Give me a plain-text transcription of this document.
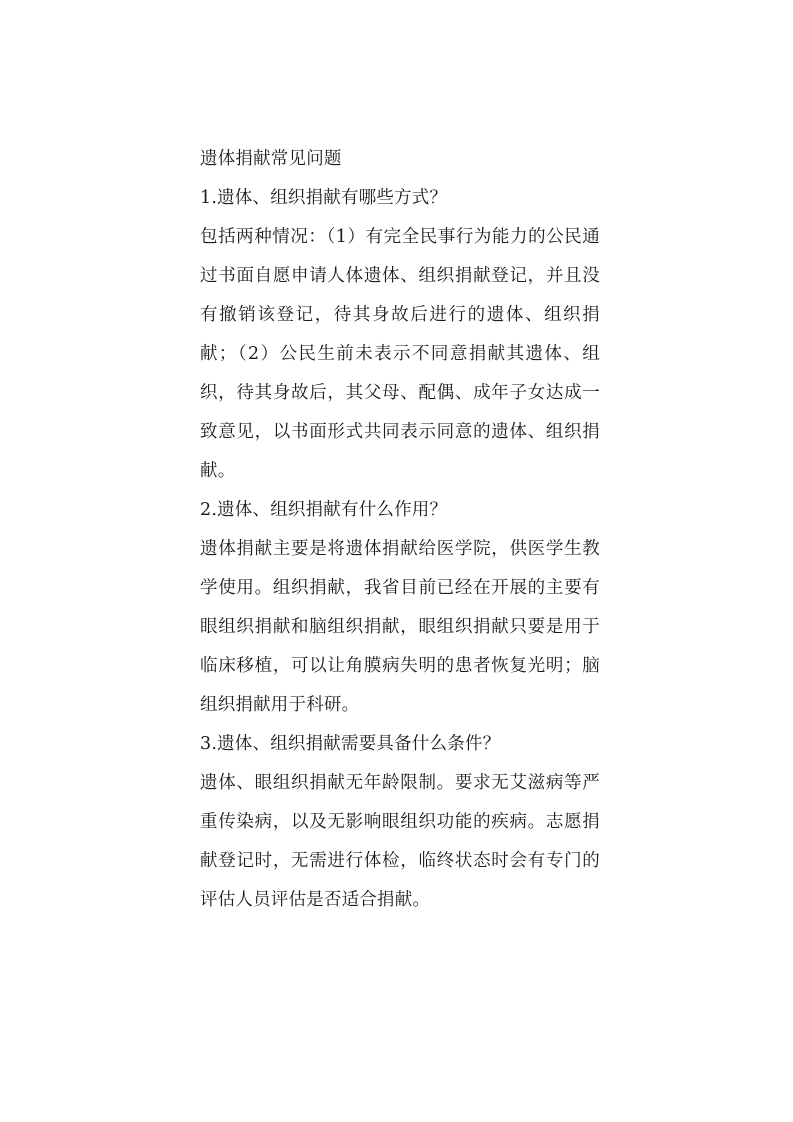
遗体捐献常见问题

1.遗体、组织捐献有哪些方式？

包括两种情况：（1）有完全民事行为能力的公民通过书面自愿申请人体遗体、组织捐献登记，并且没有撤销该登记，待其身故后进行的遗体、组织捐献；（2）公民生前未表示不同意捐献其遗体、组织，待其身故后，其父母、配偶、成年子女达成一致意见，以书面形式共同表示同意的遗体、组织捐献。

2.遗体、组织捐献有什么作用？

遗体捐献主要是将遗体捐献给医学院，供医学生教学使用。组织捐献，我省目前已经在开展的主要有眼组织捐献和脑组织捐献，眼组织捐献只要是用于临床移植，可以让角膜病失明的患者恢复光明；脑组织捐献用于科研。

3.遗体、组织捐献需要具备什么条件？

遗体、眼组织捐献无年龄限制。要求无艾滋病等严重传染病，以及无影响眼组织功能的疾病。志愿捐献登记时，无需进行体检，临终状态时会有专门的评估人员评估是否适合捐献。
